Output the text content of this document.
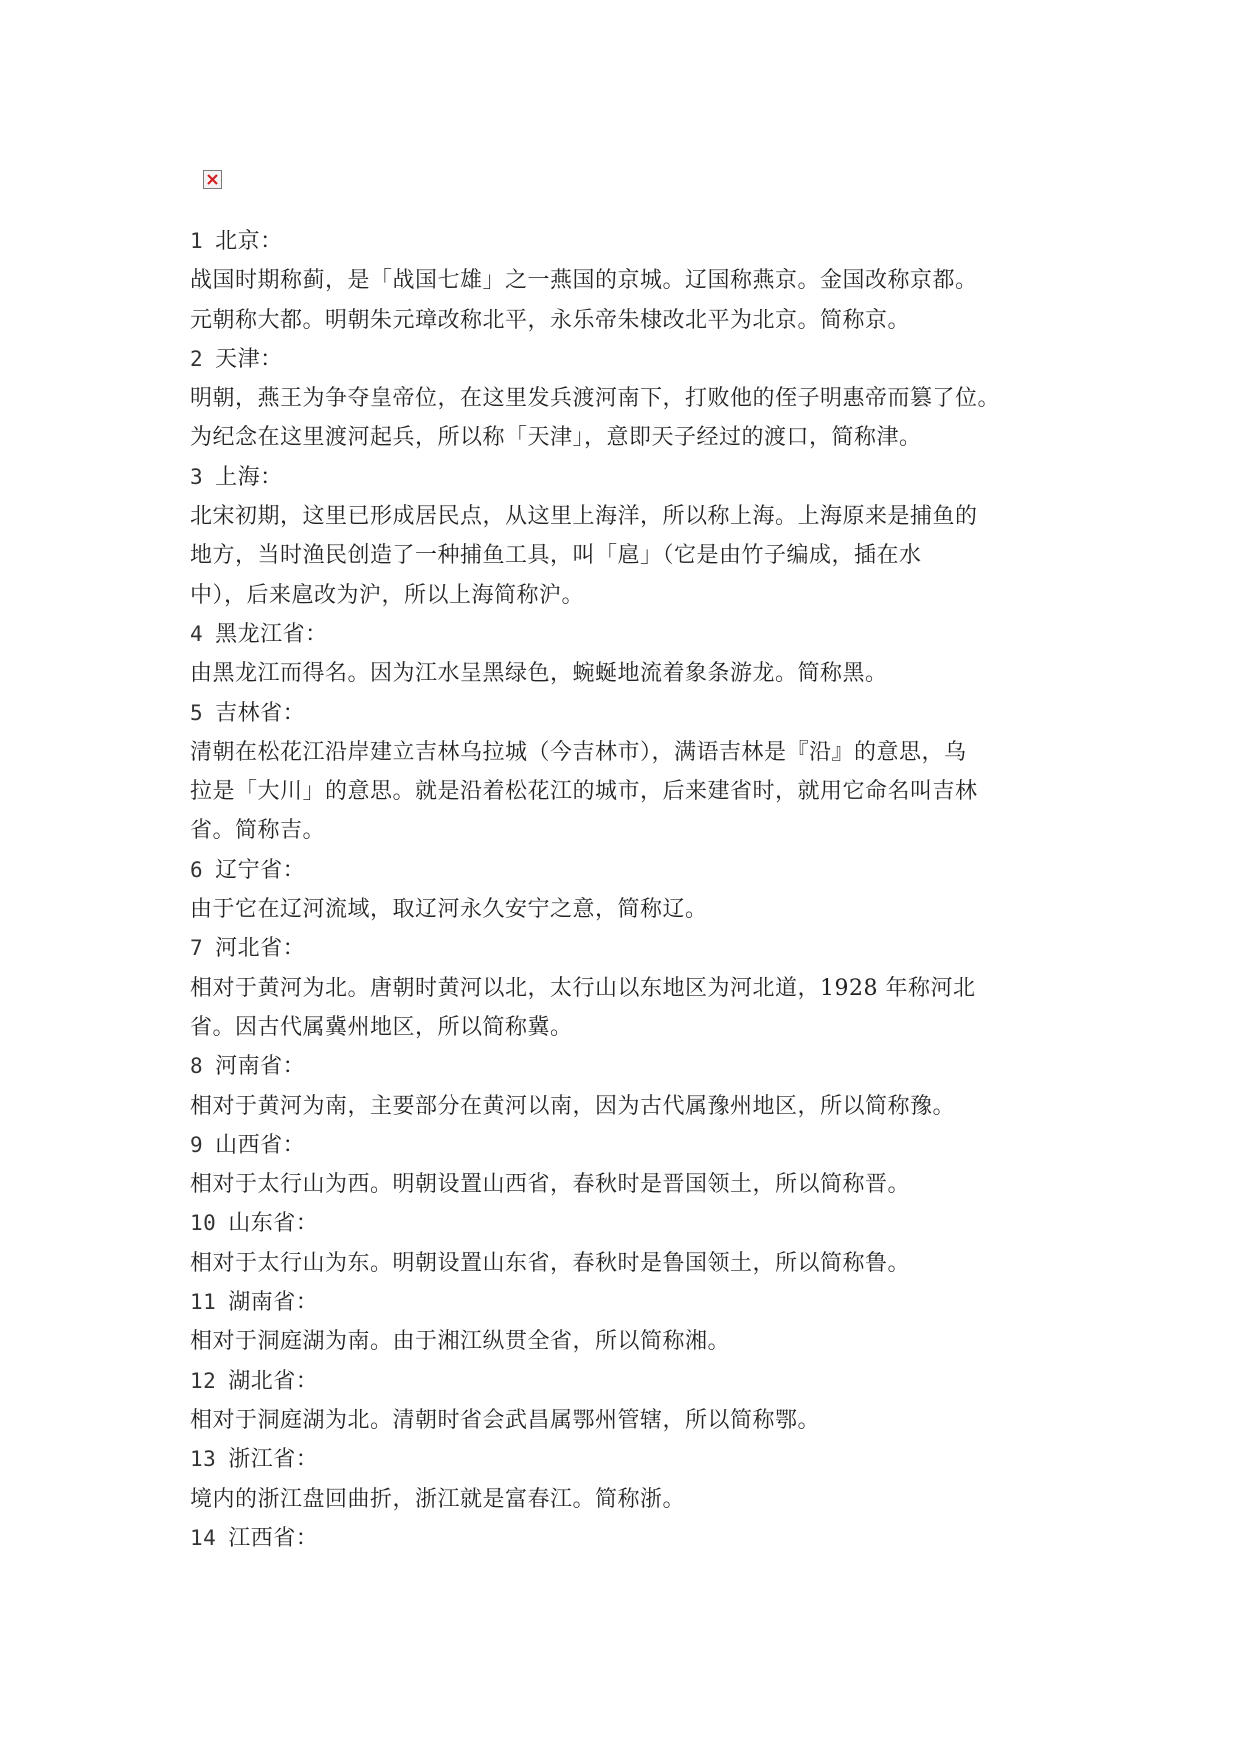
1 北京：
战国时期称蓟，是「战国七雄」之一燕国的京城。辽国称燕京。金国改称京都。
元朝称大都。明朝朱元璋改称北平，永乐帝朱棣改北平为北京。简称京。
2 天津：
明朝，燕王为争夺皇帝位，在这里发兵渡河南下，打败他的侄子明惠帝而篡了位。
为纪念在这里渡河起兵，所以称「天津」，意即天子经过的渡口，简称津。
3 上海：
北宋初期，这里已形成居民点，从这里上海洋，所以称上海。上海原来是捕鱼的
地方，当时渔民创造了一种捕鱼工具，叫「扈」（它是由竹子编成，插在水
中），后来扈改为沪，所以上海简称沪。
4 黑龙江省：
由黑龙江而得名。因为江水呈黑绿色，蜿蜒地流着象条游龙。简称黑。
5 吉林省：
清朝在松花江沿岸建立吉林乌拉城（今吉林市），满语吉林是『沿』的意思，乌
拉是「大川」的意思。就是沿着松花江的城市，后来建省时，就用它命名叫吉林
省。简称吉。
6 辽宁省：
由于它在辽河流域，取辽河永久安宁之意，简称辽。
7 河北省：
相对于黄河为北。唐朝时黄河以北，太行山以东地区为河北道，1928 年称河北
省。因古代属冀州地区，所以简称冀。
8 河南省：
相对于黄河为南，主要部分在黄河以南，因为古代属豫州地区，所以简称豫。
9 山西省：
相对于太行山为西。明朝设置山西省，春秋时是晋国领土，所以简称晋。
10 山东省：
相对于太行山为东。明朝设置山东省，春秋时是鲁国领土，所以简称鲁。
11 湖南省：
相对于洞庭湖为南。由于湘江纵贯全省，所以简称湘。
12 湖北省：
相对于洞庭湖为北。清朝时省会武昌属鄂州管辖，所以简称鄂。
13 浙江省：
境内的浙江盘回曲折，浙江就是富春江。简称浙。
14 江西省：
